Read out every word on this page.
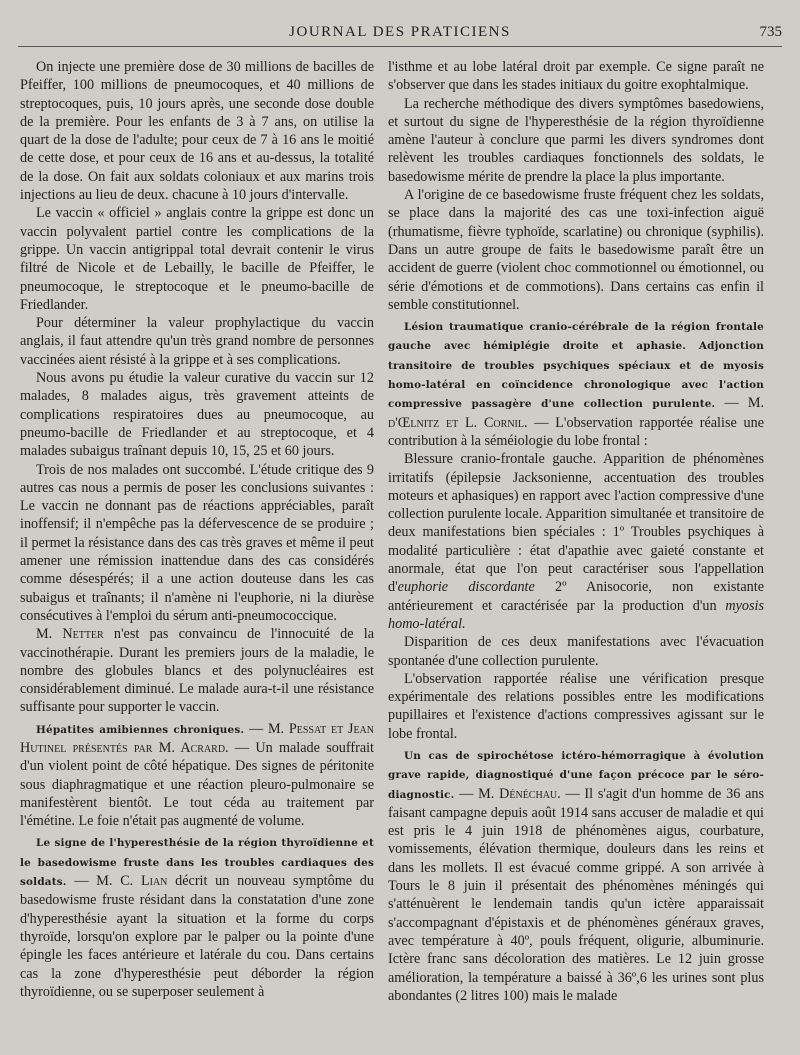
JOURNAL DES PRATICIENS	735

On injecte une première dose de 30 millions de bacilles de Pfeiffer, 100 millions de pneumocoques, et 40 millions de streptocoques, puis, 10 jours après, une seconde dose double de la première. Pour les enfants de 3 à 7 ans, on utilise la quart de la dose de l'adulte; pour ceux de 7 à 16 ans le moitié de cette dose, et pour ceux de 16 ans et au-dessus, la totalité de la dose. On fait aux soldats coloniaux et aux marins trois injections au lieu de deux. chacune à 10 jours d'intervalle.

Le vaccin « officiel » anglais contre la grippe est donc un vaccin polyvalent partiel contre les complications de la grippe. Un vaccin antigrippal total devrait contenir le virus filtré de Nicole et de Lebailly, le bacille de Pfeiffer, le pneumocoque, le streptocoque et le pneumo-bacille de Friedlander.

Pour déterminer la valeur prophylactique du vaccin anglais, il faut attendre qu'un très grand nombre de personnes vaccinées aient résisté à la grippe et à ses complications.

Nous avons pu étudie la valeur curative du vaccin sur 12 malades, 8 malades aigus, très gravement atteints de complications respiratoires dues au pneumocoque, au pneumo-bacille de Friedlander et au streptocoque, et 4 malades subaigus traînant depuis 10, 15, 25 et 60 jours.

Trois de nos malades ont succombé. L'étude critique des 9 autres cas nous a permis de poser les conclusions suivantes : Le vaccin ne donnant pas de réactions appréciables, paraît inoffensif; il n'empêche pas la défervescence de se produire ; il permet la résistance dans des cas très graves et même il peut amener une rémission inattendue dans des cas considérés comme désespérés; il a une action douteuse dans les cas subaigus et traînants; il n'amène ni l'euphorie, ni la diurèse consécutives à l'emploi du sérum anti-pneumococcique.

M. Netter n'est pas convaincu de l'innocuité de la vaccinothérapie. Durant les premiers jours de la maladie, le nombre des globules blancs et des polynucléaires est considérablement diminué. Le malade aura-t-il une résistance suffisante pour supporter le vaccin.

Hépatites amibiennes chroniques. — M. Pessat et Jean Hutinel présentés par M. Acrard. — Un malade souffrait d'un violent point de côté hépatique. Des signes de péritonite sous diaphragmatique et une réaction pleuro-pulmonaire se manifestèrent bientôt. Le tout céda au traitement par l'émétine. Le foie n'était pas augmenté de volume.

Le signe de l'hyperesthésie de la région thyroïdienne et le basedowisme fruste dans les troubles cardiaques des soldats. — M. C. Lian décrit un nouveau symptôme du basedowisme fruste résidant dans la constatation d'une zone d'hyperesthésie ayant la situation et la forme du corps thyroïde, lorsqu'on explore par le palper ou la pointe d'une épingle les faces antérieure et latérale du cou. Dans certains cas la zone d'hyperesthésie peut déborder la région thyroïdienne, ou se superposer seulement à

l'isthme et au lobe latéral droit par exemple. Ce signe paraît ne s'observer que dans les stades initiaux du goitre exophtalmique.

La recherche méthodique des divers symptômes basedowiens, et surtout du signe de l'hyperesthésie de la région thyroïdienne amène l'auteur à conclure que parmi les divers syndromes dont relèvent les troubles cardiaques fonctionnels des soldats, le basedowisme mérite de prendre la place la plus importante.

A l'origine de ce basedowisme fruste fréquent chez les soldats, se place dans la majorité des cas une toxi-infection aiguë (rhumatisme, fièvre typhoïde, scarlatine) ou chronique (syphilis). Dans un autre groupe de faits le basedowisme paraît être un accident de guerre (violent choc commotionnel ou émotionnel, ou série d'émotions et de commotions). Dans certains cas enfin il semble constitutionnel.

Lésion traumatique cranio-cérébrale de la région frontale gauche avec hémiplégie droite et aphasie. Adjonction transitoire de troubles psychiques spéciaux et de myosis homo-latéral en coïncidence chronologique avec l'action compressive passagère d'une collection purulente. — M. d'Œlnitz et L. Cornil. — L'observation rapportée réalise une contribution à la séméiologie du lobe frontal :

Blessure cranio-frontale gauche. Apparition de phénomènes irritatifs (épilepsie Jacksonienne, accentuation des troubles moteurs et aphasiques) en rapport avec l'action compressive d'une collection purulente locale. Apparition simultanée et transitoire de deux manifestations bien spéciales : 1º Troubles psychiques à modalité particulière : état d'apathie avec gaieté constante et anormale, état que l'on peut caractériser sous l'appellation d'euphorie discordante 2º Anisocorie, non existante antérieurement et caractérisée par la production d'un myosis homo-latéral.

Disparition de ces deux manifestations avec l'évacuation spontanée d'une collection purulente.

L'observation rapportée réalise une vérification presque expérimentale des relations possibles entre les modifications pupillaires et l'existence d'actions compressives agissant sur le lobe frontal.

Un cas de spirochétose ictéro-hémorragique à évolution grave rapide, diagnostiqué d'une façon précoce par le séro-diagnostic. — M. Dénéchau. — Il s'agit d'un homme de 36 ans faisant campagne depuis août 1914 sans accuser de maladie et qui est pris le 4 juin 1918 de phénomènes aigus, courbature, vomissements, élévation thermique, douleurs dans les reins et dans les mollets. Il est évacué comme grippé. A son arrivée à Tours le 8 juin il présentait des phénomènes méningés qui s'atténuèrent le lendemain tandis qu'un ictère apparaissait s'accompagnant d'épistaxis et de phénomènes généraux graves, avec température à 40º, pouls fréquent, oligurie, albuminurie. Ictère franc sans décoloration des matières. Le 12 juin grosse amélioration, la température a baissé à 36º,6 les urines sont plus abondantes (2 litres 100) mais le malade
